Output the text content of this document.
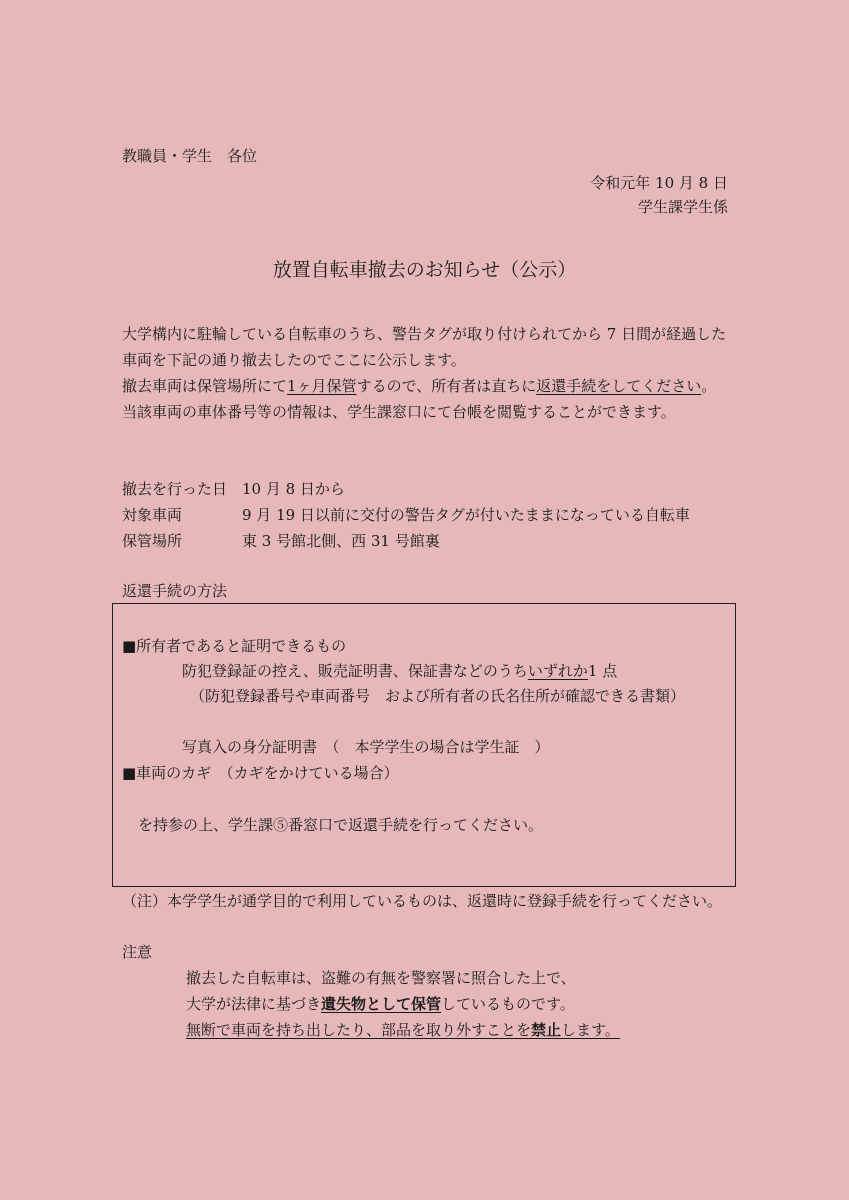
教職員・学生　各位
令和元年 10 月 8 日
学生課学生係
放置自転車撤去のお知らせ（公示）
大学構内に駐輪している自転車のうち、警告タグが取り付けられてから 7 日間が経過した
車両を下記の通り撤去したのでここに公示します。
撤去車両は保管場所にて1ヶ月保管するので、所有者は直ちに返還手続をしてください。
当該車両の車体番号等の情報は、学生課窓口にて台帳を閲覧することができます。
撤去を行った日 10 月 8 日から
対象車両	9 月 19 日以前に交付の警告タグが付いたままになっている自転車
保管場所	東 3 号館北側、西 31 号館裏
返還手続の方法
■所有者であると証明できるもの
防犯登録証の控え、販売証明書、保証書などのうちいずれか1 点
（防犯登録番号や車両番号　および所有者の氏名住所が確認できる書類）
写真入の身分証明書　（　本学学生の場合は学生証　）
■車両のカギ　（カギをかけている場合）
を持参の上、学生課⑤番窓口で返還手続を行ってください。
（注）本学学生が通学目的で利用しているものは、返還時に登録手続を行ってください。
注意
撤去した自転車は、盗難の有無を警察署に照合した上で、
大学が法律に基づき遺失物として保管しているものです。
無断で車両を持ち出したり、部品を取り外すことを禁止します。
